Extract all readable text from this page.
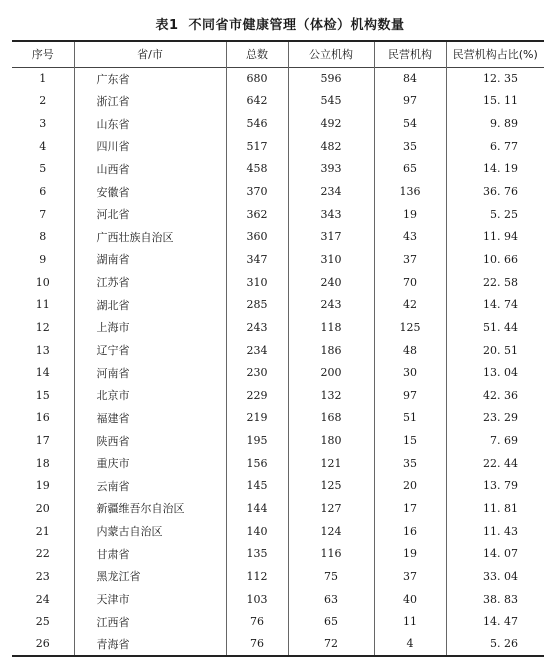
表1 不同省市健康管理（体检）机构数量
序号	省/市	总数	公立机构	民营机构	民营机构占比(%)
1	广东省	680	596	84	12. 35
2	浙江省	642	545	97	15. 11
3	山东省	546	492	54	9. 89
4	四川省	517	482	35	6. 77
5	山西省	458	393	65	14. 19
6	安徽省	370	234	136	36. 76
7	河北省	362	343	19	5. 25
8	广西壮族自治区	360	317	43	11. 94
9	湖南省	347	310	37	10. 66
10	江苏省	310	240	70	22. 58
11	湖北省	285	243	42	14. 74
12	上海市	243	118	125	51. 44
13	辽宁省	234	186	48	20. 51
14	河南省	230	200	30	13. 04
15	北京市	229	132	97	42. 36
16	福建省	219	168	51	23. 29
17	陕西省	195	180	15	7. 69
18	重庆市	156	121	35	22. 44
19	云南省	145	125	20	13. 79
20	新疆维吾尔自治区	144	127	17	11. 81
21	内蒙古自治区	140	124	16	11. 43
22	甘肃省	135	116	19	14. 07
23	黑龙江省	112	75	37	33. 04
24	天津市	103	63	40	38. 83
25	江西省	76	65	11	14. 47
26	青海省	76	72	4	5. 26
